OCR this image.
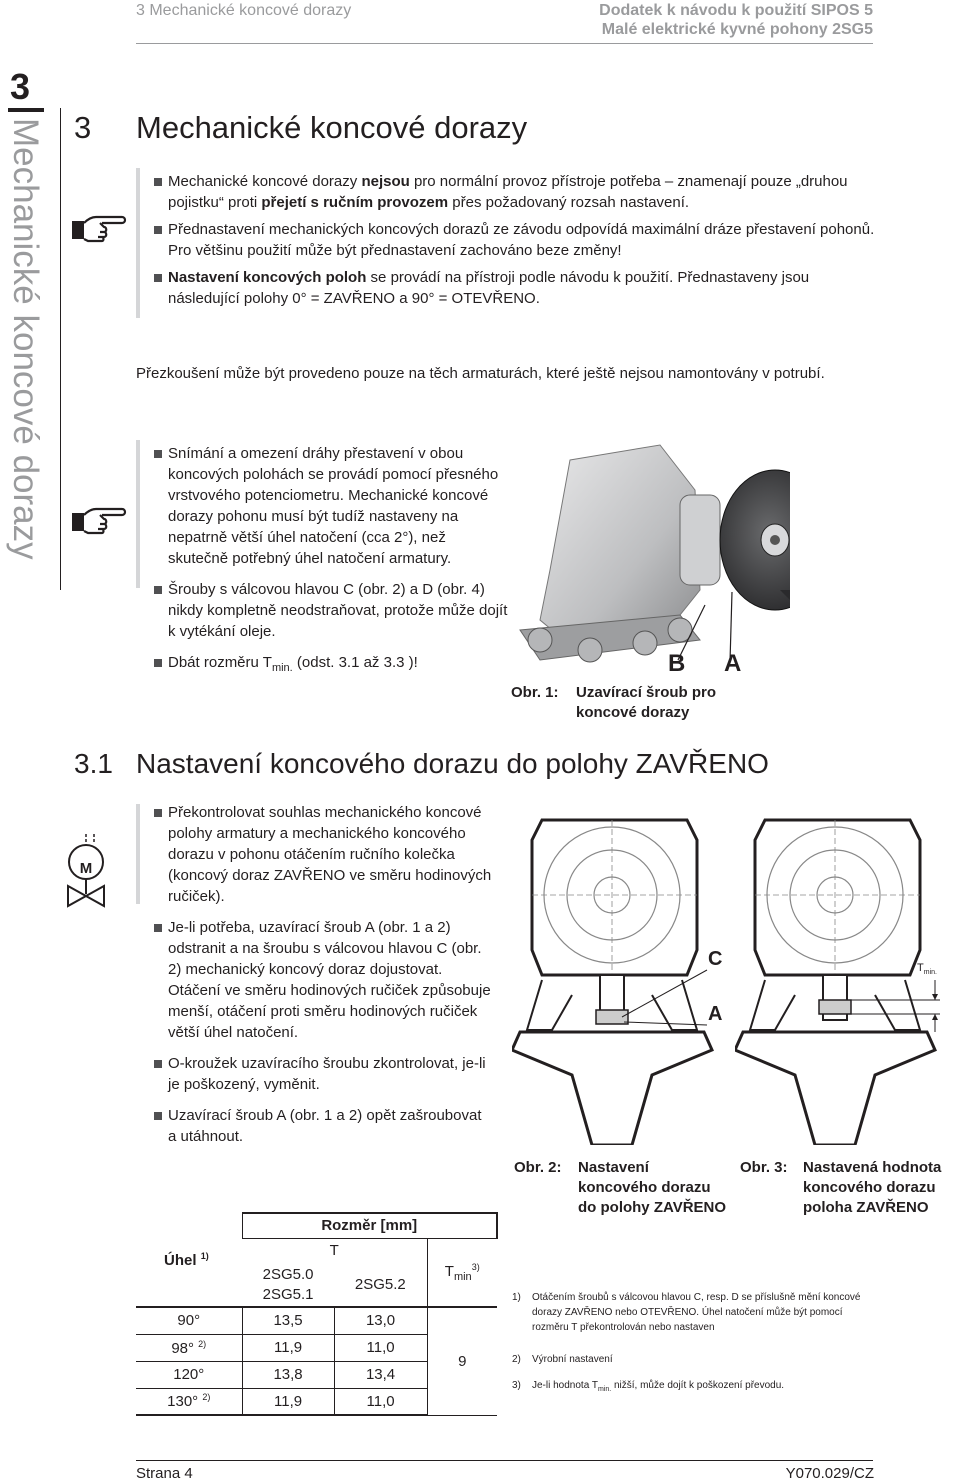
3 Mechanické koncové dorazy	Dodatek k návodu k použití SIPOS 5
Malé elektrické kyvné pohony 2SG5
3
Mechanické koncové dorazy 3 Mechanické koncové dorazy
Mechanické koncové dorazy nejsou pro normální provoz přístroje potřeba – znamenají pouze „druhou pojistku“ proti přejetí s ručním provozem přes požadovaný rozsah nastavení.
Přednastavení mechanických koncových dorazů ze závodu odpovídá maximální dráze přestavení pohonů. Pro většinu použití může být přednastavení zachováno beze změny!
Nastavení koncových poloh se provádí na přístroji podle návodu k použití. Přednastaveny jsou následující polohy 0° = ZAVŘENO a 90° = OTEVŘENO.
Přezkoušení může být provedeno pouze na těch armaturách, které ještě nejsou namontovány v potrubí.
Snímání a omezení dráhy přestavení v obou koncových polohách se provádí pomocí přesného vrstvového potenciometru. Mechanické koncové dorazy pohonu musí být tudíž nastaveny na nepatrně větší úhel natočení (cca 2°), než skutečně potřebný úhel natočení armatury.
Šrouby s válcovou hlavou C (obr. 2) a D (obr. 4) nikdy kompletně neodstraňovat, protože může dojít k vytékání oleje.
Dbát rozměru $T_{min.}$ (odst. 3.1 až 3.3 )!	B A
Obr. 1: Uzavírací šroub pro koncové dorazy
3.1 Nastavení koncového dorazu do polohy ZAVŘENO
M
Překontrolovat souhlas mechanického koncové polohy armatury a mechanického koncového dorazu v pohonu otáčením ručního kolečka (koncový doraz ZAVŘENO ve směru hodinových ručiček).
Je-li potřeba, uzavírací šroub A (obr. 1 a 2) odstranit a na šroubu s válcovou hlavou C (obr. 2) mechanický koncový doraz dojustovat. Otáčení ve směru hodinových ručiček způsobuje menší, otáčení proti směru hodinových ručiček větší úhel natočení.
O-kroužek uzavíracího šroubu zkontrolovat, je-li je poškozený, vyměnit.
Uzavírací šroub A (obr. 1 a 2) opět zašroubovat a utáhnout.
C
A
$T_{min.}$
Obr. 2: Nastavení koncového dorazu do polohy ZAVŘENO
Obr. 3: Nastavená hodnota koncového dorazu poloha ZAVŘENO
Úhel $^{1)}$	Rozměr [mm]		
	T		$T_{min}^{3)}$

	2SG5.0
2SG5.1	2SG5.2	
90°	13,5	13,0	9
98° $^{2)}$	11,9	11,0	
120°	13,8	13,4	
130° $^{2)}$	11,9	11,0	
1) Otáčením šroubů s válcovou hlavou C, resp. D se příslušně mění koncové dorazy ZAVŘENO nebo OTEVŘENO. Úhel natočení může být pomocí rozměru T překontrolován nebo nastaven
2) Výrobní nastavení
3) Je-li hodnota $T_{min.}$ nižší, může dojít k poškození převodu.
Strana 4	Y070.029/CZ
